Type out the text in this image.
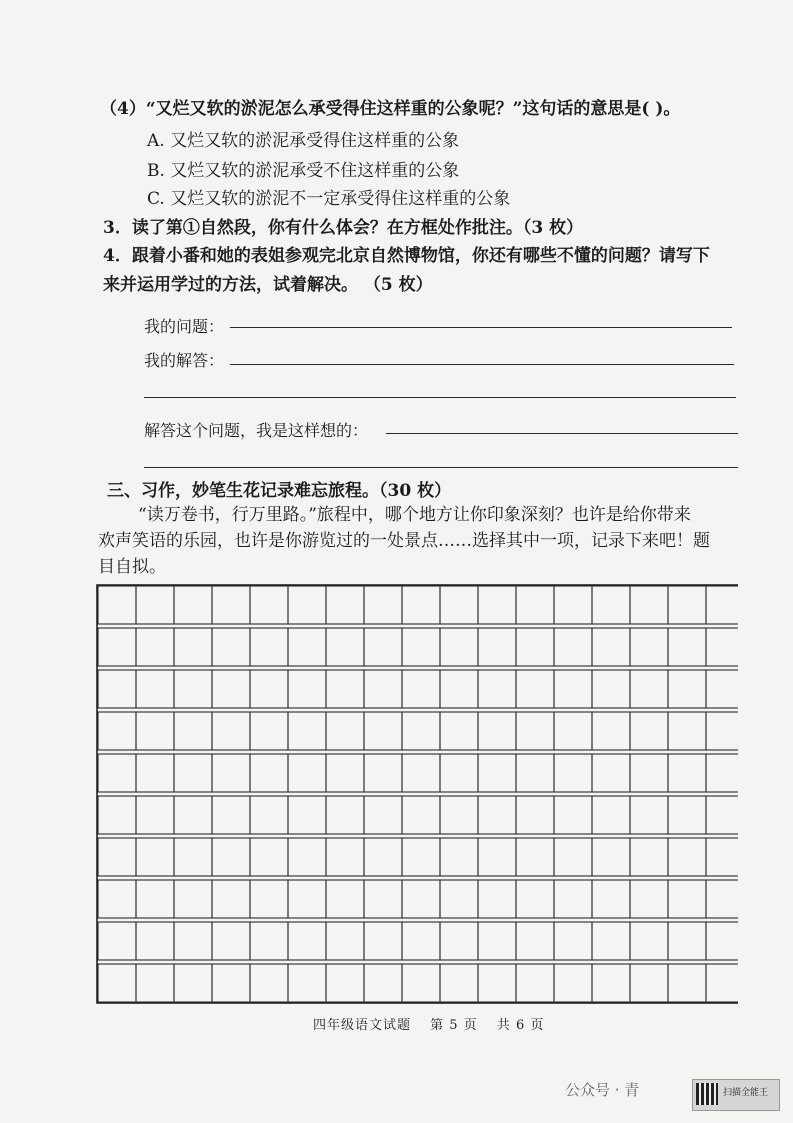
（4）“又烂又软的淤泥怎么承受得住这样重的公象呢？”这句话的意思是( )。
A. 又烂又软的淤泥承受得住这样重的公象
B. 又烂又软的淤泥承受不住这样重的公象
C. 又烂又软的淤泥不一定承受得住这样重的公象
3．读了第①自然段，你有什么体会？在方框处作批注。（3 枚）
4．跟着小番和她的表姐参观完北京自然博物馆，你还有哪些不懂的问题？请写下
来并运用学过的方法，试着解决。 （5 枚）
我的问题：
我的解答：
解答这个问题，我是这样想的：
三、习作，妙笔生花记录难忘旅程。（30 枚）
“读万卷书，行万里路。”旅程中，哪个地方让你印象深刻？也许是给你带来
欢声笑语的乐园，也许是你游览过的一处景点……选择其中一项，记录下来吧！题
目自拟。
四年级语文试题 第 5 页 共 6 页
公众号 · 青	扫描全能王
